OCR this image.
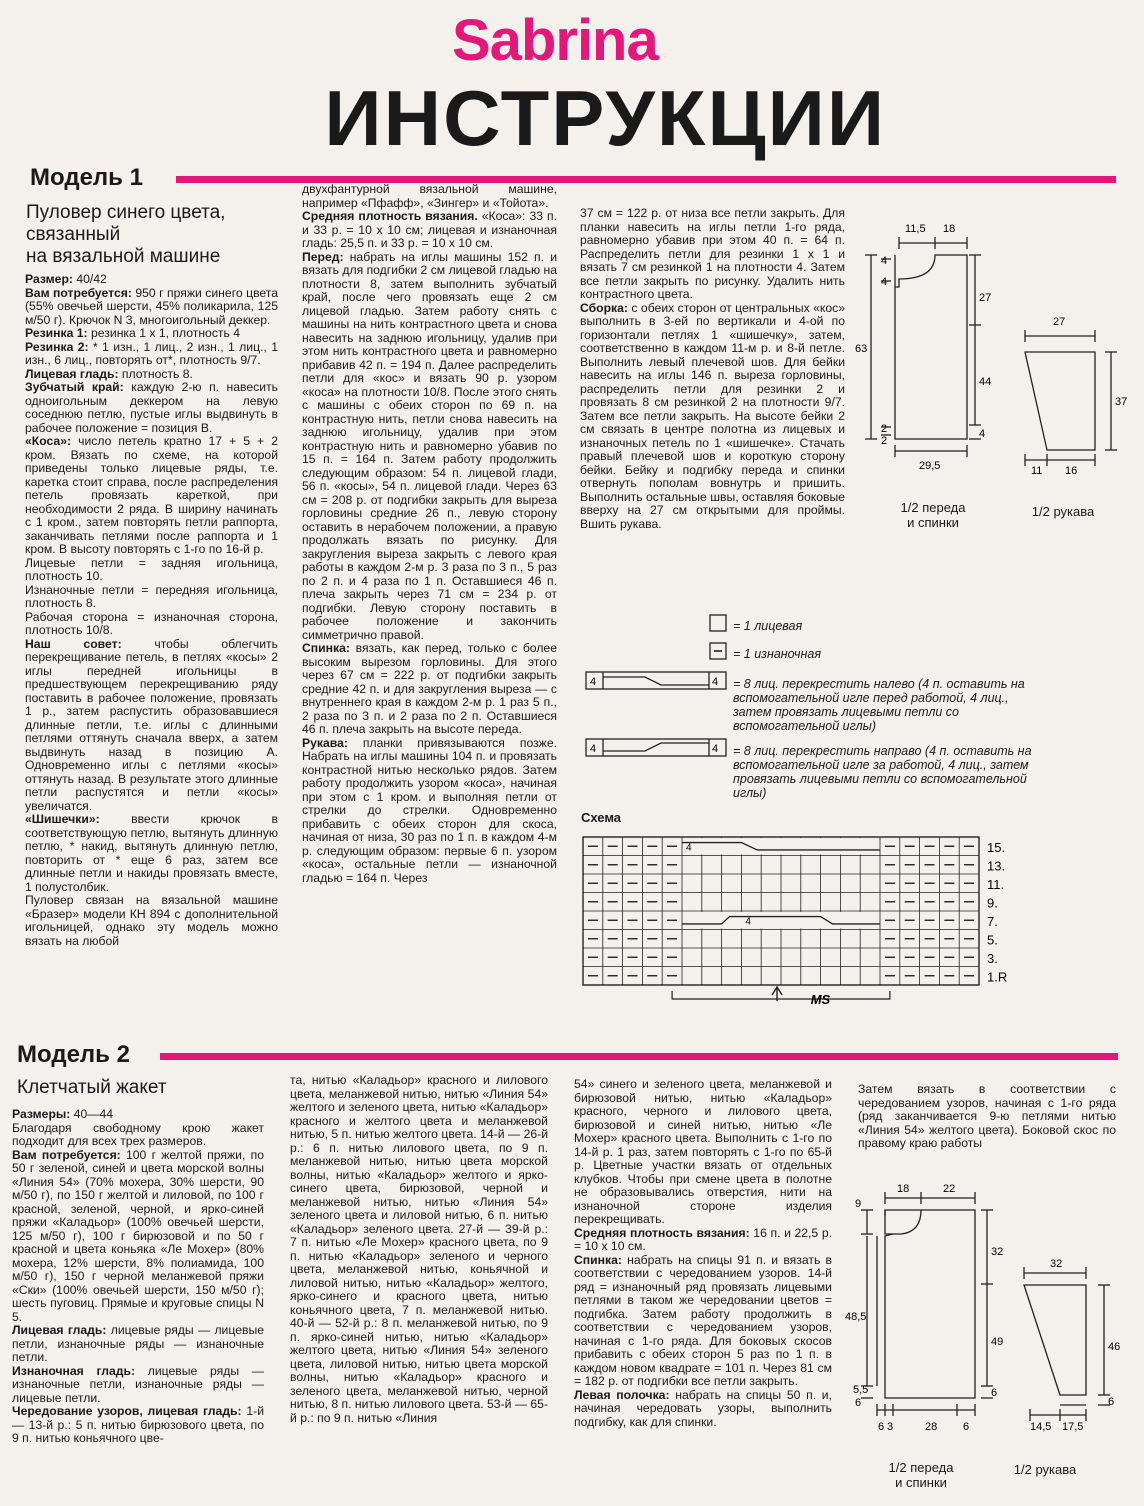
Sabrina
ИНСТРУКЦИИ
Модель 1
Пуловер синего цвета,
связанный
на вязальной машине

Размер: 40/42

Вам потребуется: 950 г пряжи синего цвета (55% овечьей шерсти, 45% поликарила, 125 м/50 г). Крючок N 3, многоигольный деккер.

Резинка 1: резинка 1 х 1, плотность 4

Резинка 2: * 1 изн., 1 лиц., 2 изн., 1 лиц., 1 изн., 6 лиц., повторять от*, плотность 9/7.

Лицевая гладь: плотность 8.

Зубчатый край: каждую 2-ю п. навесить одноигольным деккером на левую соседнюю петлю, пустые иглы выдвинуть в рабочее положение = позиция В.

«Коса»: число петель кратно 17 + 5 + 2 кром. Вязать по схеме, на которой приведены только лицевые ряды, т.е. каретка стоит справа, после распределения петель провязать кареткой, при необходимости 2 ряда. В ширину начинать с 1 кром., затем повторять петли раппорта, заканчивать петлями после раппорта и 1 кром. В высоту повторять с 1-го по 16-й р.

Лицевые петли = задняя игольница, плотность 10.

Изнаночные петли = передняя игольница, плотность 8.

Рабочая сторона = изнаночная сторона, плотность 10/8.

Наш совет: чтобы облегчить перекрещивание петель, в петлях «косы» 2 иглы передней игольницы в предшествующем перекрещиванию ряду поставить в рабочее положение, провязать 1 р., затем распустить образовавшиеся длинные петли, т.е. иглы с длинными петлями оттянуть сначала вверх, а затем выдвинуть назад в позицию А. Одновременно иглы с петлями «косы» оттянуть назад. В результате этого длинные петли распустятся и петли «косы» увеличатся.

«Шишечки»: ввести крючок в соответствующую петлю, вытянуть длинную петлю, * накид, вытянуть длинную петлю, повторить от * еще 6 раз, затем все длинные петли и накиды провязать вместе, 1 полустолбик.

Пуловер связан на вязальной машине «Бразер» модели КН 894 с дополнительной игольницей, однако эту модель можно вязать на любой

двухфантурной вязальной машине, например «Пфафф», «Зингер» и «Тойота».

Средняя плотность вязания. «Коса»: 33 п. и 33 р. = 10 х 10 см; лицевая и изнаночная гладь: 25,5 п. и 33 р. = 10 х 10 см.

Перед: набрать на иглы машины 152 п. и вязать для подгибки 2 см лицевой гладью на плотности 8, затем выполнить зубчатый край, после чего провязать еще 2 см лицевой гладью. Затем работу снять с машины на нить контрастного цвета и снова навесить на заднюю игольницу, удалив при этом нить контрастного цвета и равномерно прибавив 42 п. = 194 п. Далее распределить петли для «кос» и вязать 90 р. узором «коса» на плотности 10/8. После этого снять с машины с обеих сторон по 69 п. на контрастную нить, петли снова навесить на заднюю игольницу, удалив при этом контрастную нить и равномерно убавив по 15 п. = 164 п. Затем работу продолжить следующим образом: 54 п. лицевой глади, 56 п. «косы», 54 п. лицевой глади. Через 63 см = 208 р. от подгибки закрыть для выреза горловины средние 26 п., левую сторону оставить в нерабочем положении, а правую продолжать вязать по рисунку. Для закругления выреза закрыть с левого края работы в каждом 2-м р. 3 раза по 3 п., 5 раз по 2 п. и 4 раза по 1 п. Оставшиеся 46 п. плеча закрыть через 71 см = 234 р. от подгибки. Левую сторону поставить в рабочее положение и закончить симметрично правой.

Спинка: вязать, как перед, только с более высоким вырезом горловины. Для этого через 67 см = 222 р. от подгибки закрыть средние 42 п. и для закругления выреза — с внутреннего края в каждом 2-м р. 1 раз 5 п., 2 раза по 3 п. и 2 раза по 2 п. Оставшиеся 46 п. плеча закрыть на высоте переда.

Рукава: планки привязываются позже. Набрать на иглы машины 104 п. и провязать контрастной нитью несколько рядов. Затем работу продолжить узором «коса», начиная при этом с 1 кром. и выполняя петли от стрелки до стрелки. Одновременно прибавить с обеих сторон для скоса, начиная от низа, 30 раз по 1 п. в каждом 4-м р. следующим образом: первые 6 п. узором «коса», остальные петли — изнаночной гладью = 164 п. Через

37 см = 122 р. от низа все петли закрыть. Для планки навесить на иглы петли 1-го ряда, равномерно убавив при этом 40 п. = 64 п. Распределить петли для резинки 1 х 1 и вязать 7 см резинкой 1 на плотности 4. Затем все петли закрыть по рисунку. Удалить нить контрастного цвета.

Сборка: с обеих сторон от центральных «кос» выполнить в 3-ей по вертикали и 4-ой по горизонтали петлях 1 «шишечку», затем, соответственно в каждом 11-м р. и 8-й петле. Выполнить левый плечевой шов. Для бейки навесить на иглы 146 п. выреза горловины, распределить петли для резинки 2 и провязать 8 см резинкой 2 на плотности 9/7. Затем все петли закрыть. На высоте бейки 2 см связать в центре полотна из лицевых и изнаночных петель по 1 «шишечке». Стачать правый плечевой шов и короткую сторону бейки. Бейку и подгибку переда и спинки отвернуть пополам вовнутрь и пришить. Выполнить остальные швы, оставляя боковые вверху на 27 см открытыми для проймы. Вшить рукава.

11,5 18
4
4
27
63
44
2
2
4
29,5
1/2 переда
и спинки
27
37
11 16
1/2 рукава
4	4
4	4
= 1 лицевая
= 1 изнаночная
= 8 лиц. перекрестить налево (4 п. оставить на
вспомогательной игле перед работой, 4 лиц.,
затем провязать лицевыми петли со
вспомогательной иглы)
= 8 лиц. перекрестить направо (4 п. оставить на
вспомогательной игле за работой, 4 лиц., затем
провязать лицевыми петли со вспомогательной
иглы)
Схема
4
4
15.
13.
11.
9.
7.
5.
3.
1.R
MS
Модель 2
Клетчатый жакет

Размеры: 40—44

Благодаря свободному крою жакет подходит для всех трех размеров.

Вам потребуется: 100 г желтой пряжи, по 50 г зеленой, синей и цвета морской волны «Линия 54» (70% мохера, 30% шерсти, 90 м/50 г), по 150 г желтой и лиловой, по 100 г красной, зеленой, черной, и ярко-синей пряжи «Каладьор» (100% овечьей шерсти, 125 м/50 г), 100 г бирюзовой и по 50 г красной и цвета коньяка «Ле Мохер» (80% мохера, 12% шерсти, 8% полиамида, 100 м/50 г), 150 г черной меланжевой пряжи «Ски» (100% овечьей шерсти, 150 м/50 г); шесть пуговиц. Прямые и круговые спицы N 5.

Лицевая гладь: лицевые ряды — лицевые петли, изнаночные ряды — изнаночные петли.

Изнаночная гладь: лицевые ряды — изнаночные петли, изнаночные ряды — лицевые петли.

Чередование узоров, лицевая гладь: 1-й — 13-й р.: 5 п. нитью бирюзового цвета, по 9 п. нитью коньячного цве-

та, нитью «Каладьор» красного и лилового цвета, меланжевой нитью, нитью «Линия 54» желтого и зеленого цвета, нитью «Каладьор» красного и желтого цвета и меланжевой нитью, 5 п. нитью желтого цвета. 14-й — 26-й р.: 6 п. нитью лилового цвета, по 9 п. меланжевой нитью, нитью цвета морской волны, нитью «Каладьор» желтого и ярко-синего цвета, бирюзовой, черной и меланжевой нитью, нитью «Линия 54» зеленого цвета и лиловой нитью, 6 п. нитью «Каладьор» зеленого цвета. 27-й — 39-й р.: 7 п. нитью «Ле Мохер» красного цвета, по 9 п. нитью «Каладьор» зеленого и черного цвета, меланжевой нитью, коньячной и лиловой нитью, нитью «Каладьор» желтого, ярко-синего и красного цвета, нитью коньячного цвета, 7 п. меланжевой нитью. 40-й — 52-й р.: 8 п. меланжевой нитью, по 9 п. ярко-синей нитью, нитью «Каладьор» желтого цвета, нитью «Линия 54» зеленого цвета, лиловой нитью, нитью цвета морской волны, нитью «Каладьор» красного и зеленого цвета, меланжевой нитью, черной нитью, 8 п. нитью лилового цвета. 53-й — 65-й р.: по 9 п. нитью «Линия

54» синего и зеленого цвета, меланжевой и бирюзовой нитью, нитью «Каладьор» красного, черного и лилового цвета, бирюзовой и синей нитью, нитью «Ле Мохер» красного цвета. Выполнить с 1-го по 14-й р. 1 раз, затем повторять с 1-го по 65-й р. Цветные участки вязать от отдельных клубков. Чтобы при смене цвета в полотне не образовывались отверстия, нити на изнаночной стороне изделия перекрещивать.

Средняя плотность вязания: 16 п. и 22,5 р. = 10 х 10 см.

Спинка: набрать на спицы 91 п. и вязать в соответствии с чередованием узоров. 14-й ряд = изнаночный ряд провязать лицевыми петлями в таком же чередовании цветов = подгибка. Затем работу продолжить в соответствии с чередованием узоров, начиная с 1-го ряда. Для боковых скосов прибавить с обеих сторон 5 раз по 1 п. в каждом новом квадрате = 101 п. Через 81 см = 182 р. от подгибки все петли закрыть.

Левая полочка: набрать на спицы 50 п. и, начиная чередовать узоры, выполнить подгибку, как для спинки.

Затем вязать в соответствии с чередованием узоров, начиная с 1-го ряда (ряд заканчивается 9-ю петлями нитью «Линия 54» желтого цвета). Боковой скос по правому краю работы

18	22
9
32
48,5
49
5,5
6
6
6 3	28 6
1/2 переда
и спинки
32
46
6
14,5 17,5
1/2 рукава
